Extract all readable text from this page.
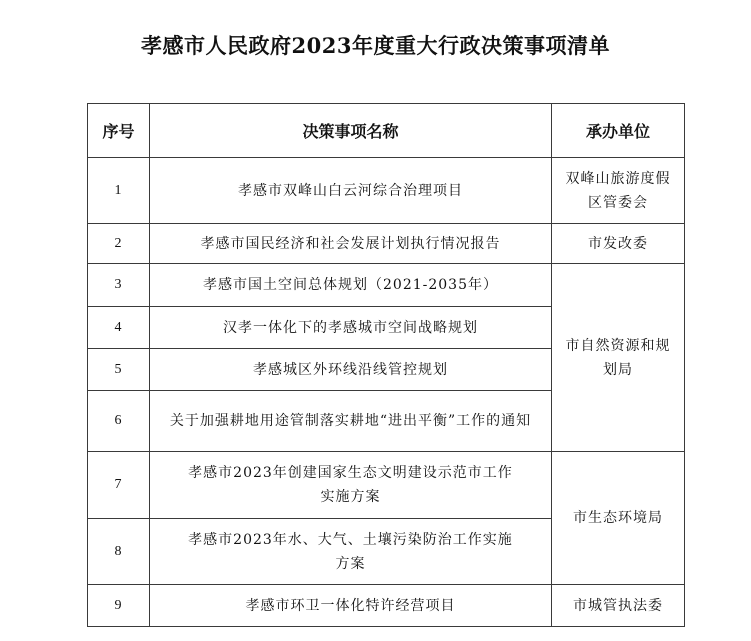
孝感市人民政府2023年度重大行政决策事项清单
序号	决策事项名称	承办单位
1	孝感市双峰山白云河综合治理项目	双峰山旅游度假区管委会
2	孝感市国民经济和社会发展计划执行情况报告	市发改委
3	孝感市国土空间总体规划（2021-2035年）	市自然资源和规划局
4	汉孝一体化下的孝感城市空间战略规划	
5	孝感城区外环线沿线管控规划	
6	关于加强耕地用途管制落实耕地“进出平衡”工作的通知	
7	孝感市2023年创建国家生态文明建设示范市工作实施方案	市生态环境局
8	孝感市2023年水、大气、土壤污染防治工作实施方案	
9	孝感市环卫一体化特许经营项目	市城管执法委
